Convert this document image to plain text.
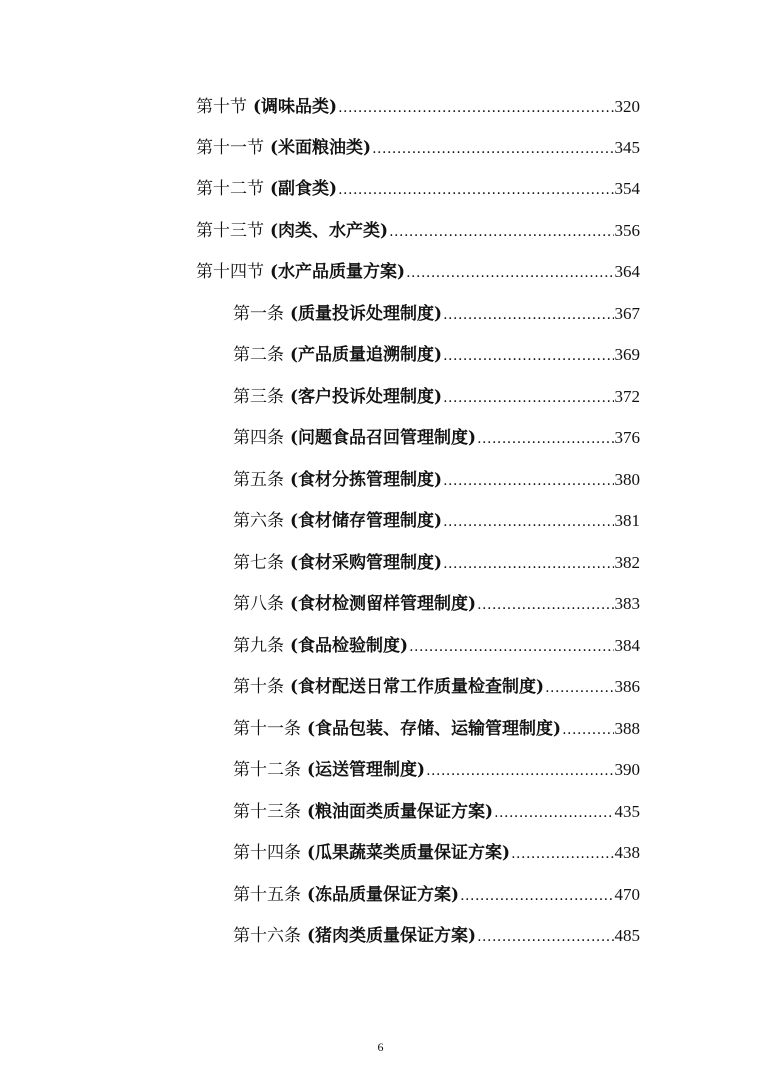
第十节 (调味品类) .....	320
第十一节 (米面粮油类) .....	345
第十二节 (副食类) .....	354
第十三节 (肉类、水产类) .....	356
第十四节 (水产品质量方案) .....	364
第一条 (质量投诉处理制度) .....	367
第二条 (产品质量追溯制度) .....	369
第三条 (客户投诉处理制度) .....	372
第四条 (问题食品召回管理制度) .....	376
第五条 (食材分拣管理制度) .....	380
第六条 (食材储存管理制度) .....	381
第七条 (食材采购管理制度) .....	382
第八条 (食材检测留样管理制度) .....	383
第九条 (食品检验制度) .....	384
第十条 (食材配送日常工作质量检查制度) .....	386
第十一条 (食品包装、存储、运输管理制度) .....	388
第十二条 (运送管理制度) .....	390
第十三条 (粮油面类质量保证方案) .....	435
第十四条 (瓜果蔬菜类质量保证方案) .....	438
第十五条 (冻品质量保证方案) .....	470
第十六条 (猪肉类质量保证方案) .....	485
6
